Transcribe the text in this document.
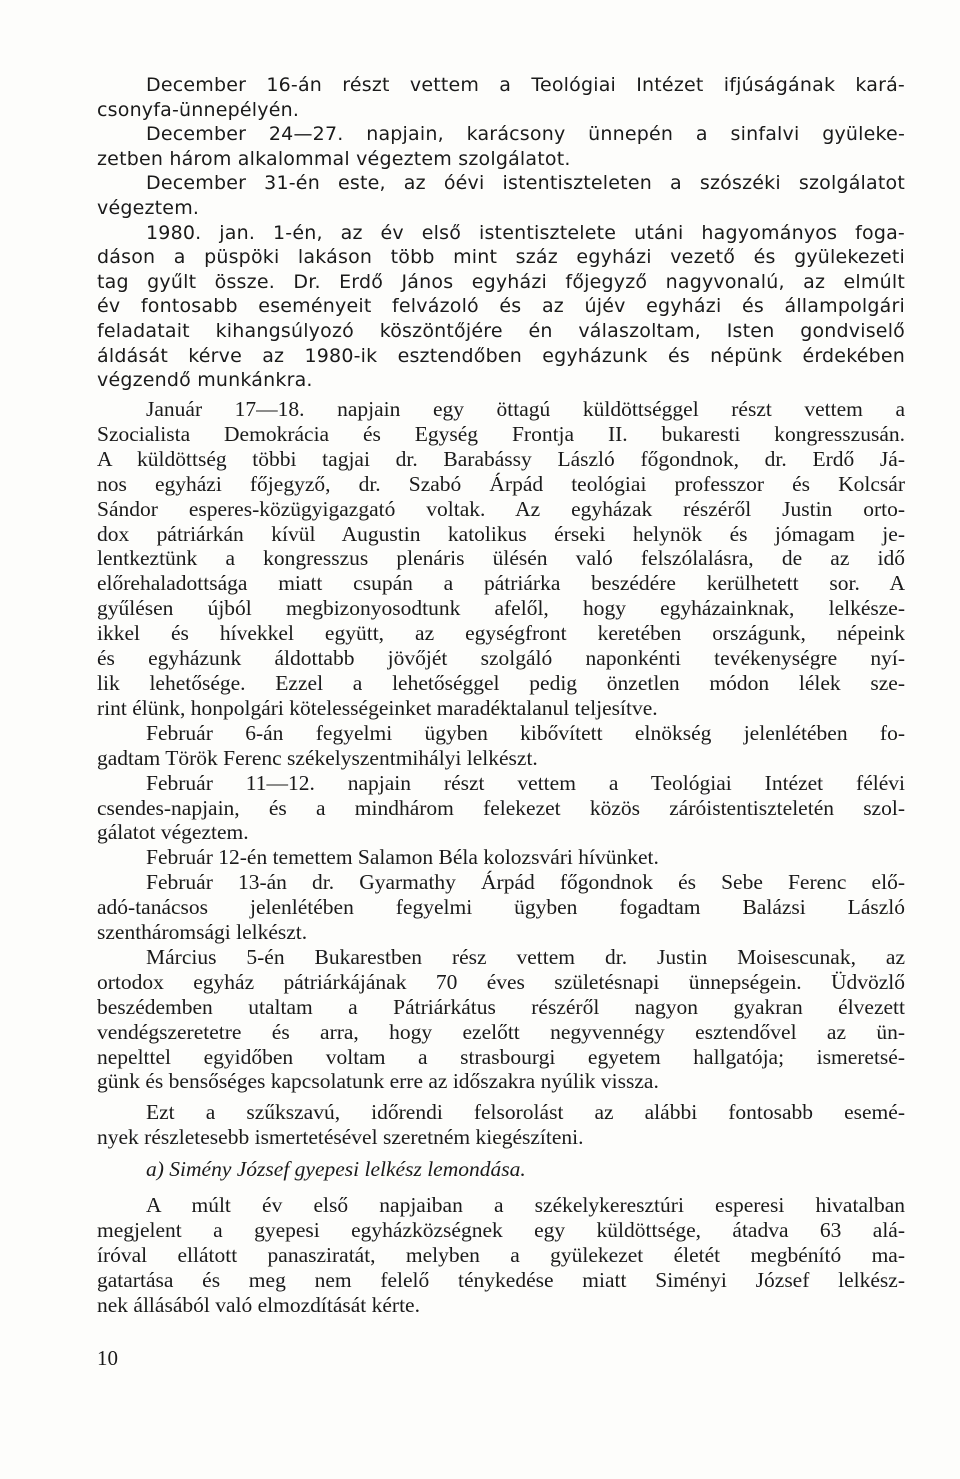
December 16-án részt vettem a Teológiai Intézet ifjúságának kará-
csonyfa-ünnepélyén.
December 24—27. napjain, karácsony ünnepén a sinfalvi gyüleke-
zetben három alkalommal végeztem szolgálatot.
December 31-én este, az óévi istentiszteleten a szószéki szolgálatot
végeztem.
1980. jan. 1-én, az év első istentisztelete utáni hagyományos foga-
dáson a püspöki lakáson több mint száz egyházi vezető és gyülekezeti
tag gyűlt össze. Dr. Erdő János egyházi főjegyző nagyvonalú, az elmúlt
év fontosabb eseményeit felvázoló és az újév egyházi és állampolgári
feladatait kihangsúlyozó köszöntőjére én válaszoltam, Isten gondviselő
áldását kérve az 1980-ik esztendőben egyházunk és népünk érdekében
végzendő munkánkra.
Január 17—18. napjain egy öttagú küldöttséggel részt vettem a
Szocialista Demokrácia és Egység Frontja II. bukaresti kongresszusán.
A küldöttség többi tagjai dr. Barabássy László főgondnok, dr. Erdő Já-
nos egyházi főjegyző, dr. Szabó Árpád teológiai professzor és Kolcsár
Sándor esperes-közügyigazgató voltak. Az egyházak részéről Justin orto-
dox pátriárkán kívül Augustin katolikus érseki helynök és jómagam je-
lentkeztünk a kongresszus plenáris ülésén való felszólalásra, de az idő
előrehaladottsága miatt csupán a pátriárka beszédére kerülhetett sor. A
gyűlésen újból megbizonyosodtunk afelől, hogy egyházainknak, lelkésze-
ikkel és hívekkel együtt, az egységfront keretében országunk, népeink
és egyházunk áldottabb jövőjét szolgáló naponkénti tevékenységre nyí-
lik lehetősége. Ezzel a lehetőséggel pedig önzetlen módon lélek sze-
rint élünk, honpolgári kötelességeinket maradéktalanul teljesítve.
Február 6-án fegyelmi ügyben kibővített elnökség jelenlétében fo-
gadtam Török Ferenc székelyszentmihályi lelkészt.
Február 11—12. napjain részt vettem a Teológiai Intézet félévi
csendes-napjain, és a mindhárom felekezet közös záróistentiszteletén szol-
gálatot végeztem.
Február 12-én temettem Salamon Béla kolozsvári hívünket.
Február 13-án dr. Gyarmathy Árpád főgondnok és Sebe Ferenc elő-
adó-tanácsos jelenlétében fegyelmi ügyben fogadtam Balázsi László
szentháromsági lelkészt.
Március 5-én Bukarestben rész vettem dr. Justin Moisescunak, az
ortodox egyház pátriárkájának 70 éves születésnapi ünnepségein. Üdvözlő
beszédemben utaltam a Pátriárkátus részéről nagyon gyakran élvezett
vendégszeretetre és arra, hogy ezelőtt negyvennégy esztendővel az ün-
nepelttel egyidőben voltam a strasbourgi egyetem hallgatója; ismeretsé-
günk és bensőséges kapcsolatunk erre az időszakra nyúlik vissza.
Ezt a szűkszavú, időrendi felsorolást az alábbi fontosabb esemé-
nyek részletesebb ismertetésével szeretném kiegészíteni.
a) Simény József gyepesi lelkész lemondása.
A múlt év első napjaiban a székelykeresztúri esperesi hivatalban
megjelent a gyepesi egyházközségnek egy küldöttsége, átadva 63 alá-
íróval ellátott panasziratát, melyben a gyülekezet életét megbénító ma-
gatartása és meg nem felelő ténykedése miatt Siményi József lelkész-
nek állásából való elmozdítását kérte.
10
